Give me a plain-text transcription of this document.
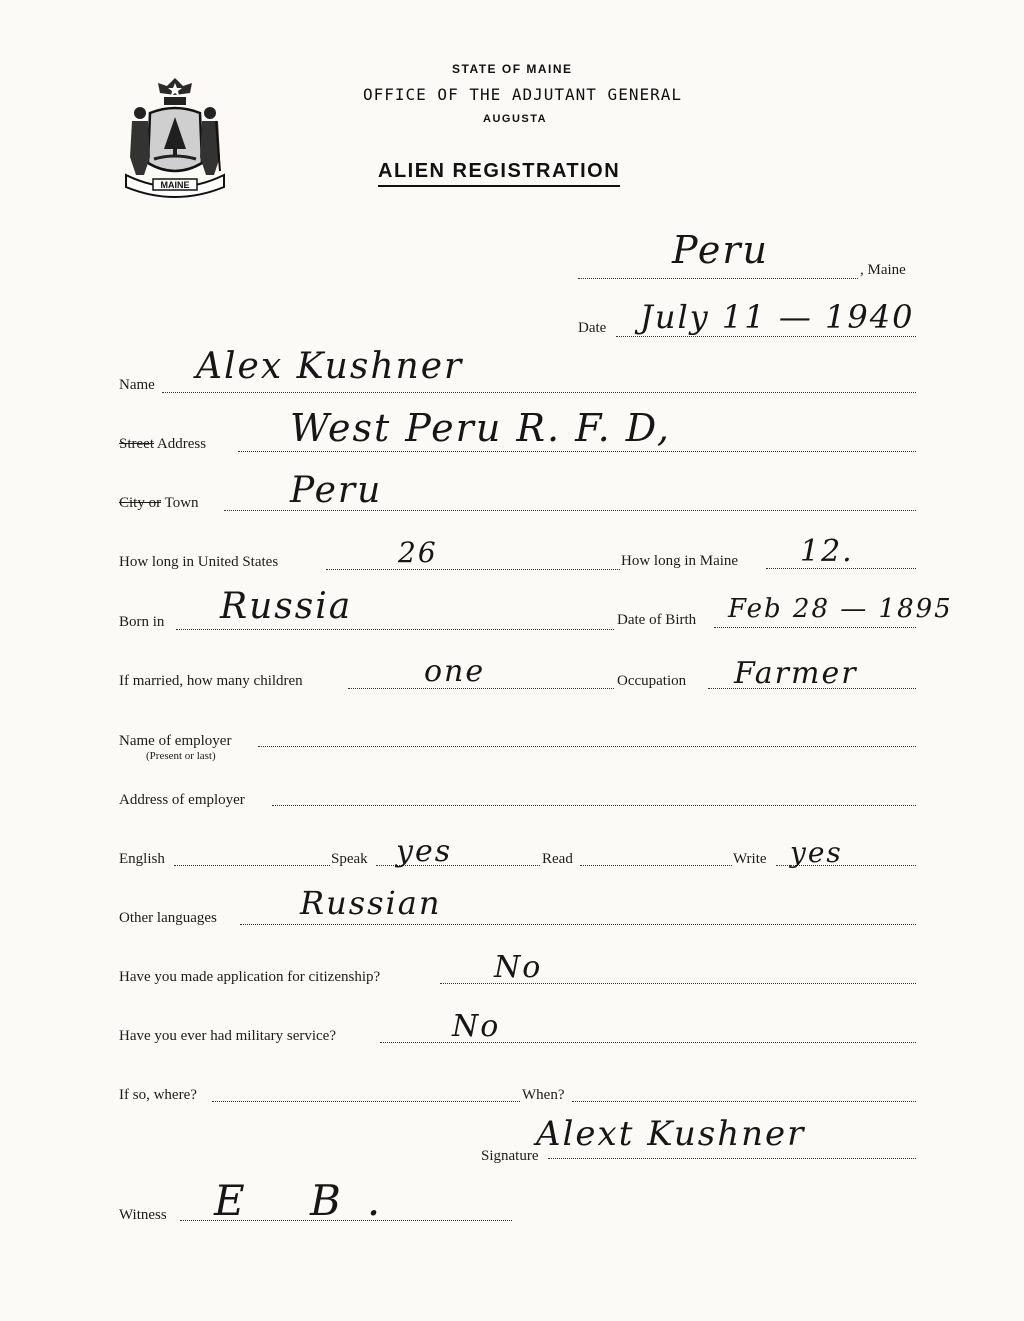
MAINE
STATE OF MAINE
OFFICE OF THE ADJUTANT GENERAL
AUGUSTA
ALIEN REGISTRATION
Peru	, Maine
Date July 11 — 1940
Name Alex Kushner
Street Address West Peru R. F. D,
City or Town	Peru
How long in United States	26	How long in Maine 12.
Born in Russia	Date of Birth Feb 28 — 1895
If married, how many children	one	Occupation Farmer
Name of employer
(Present or last)
Address of employer
English	Speak yes	Read	Write yes
Other languages	Russian
Have you made application for citizenship?	No
Have you ever had military service?	No
If so, where?	When?
Signature
Alext Kushner
Witness E B.
